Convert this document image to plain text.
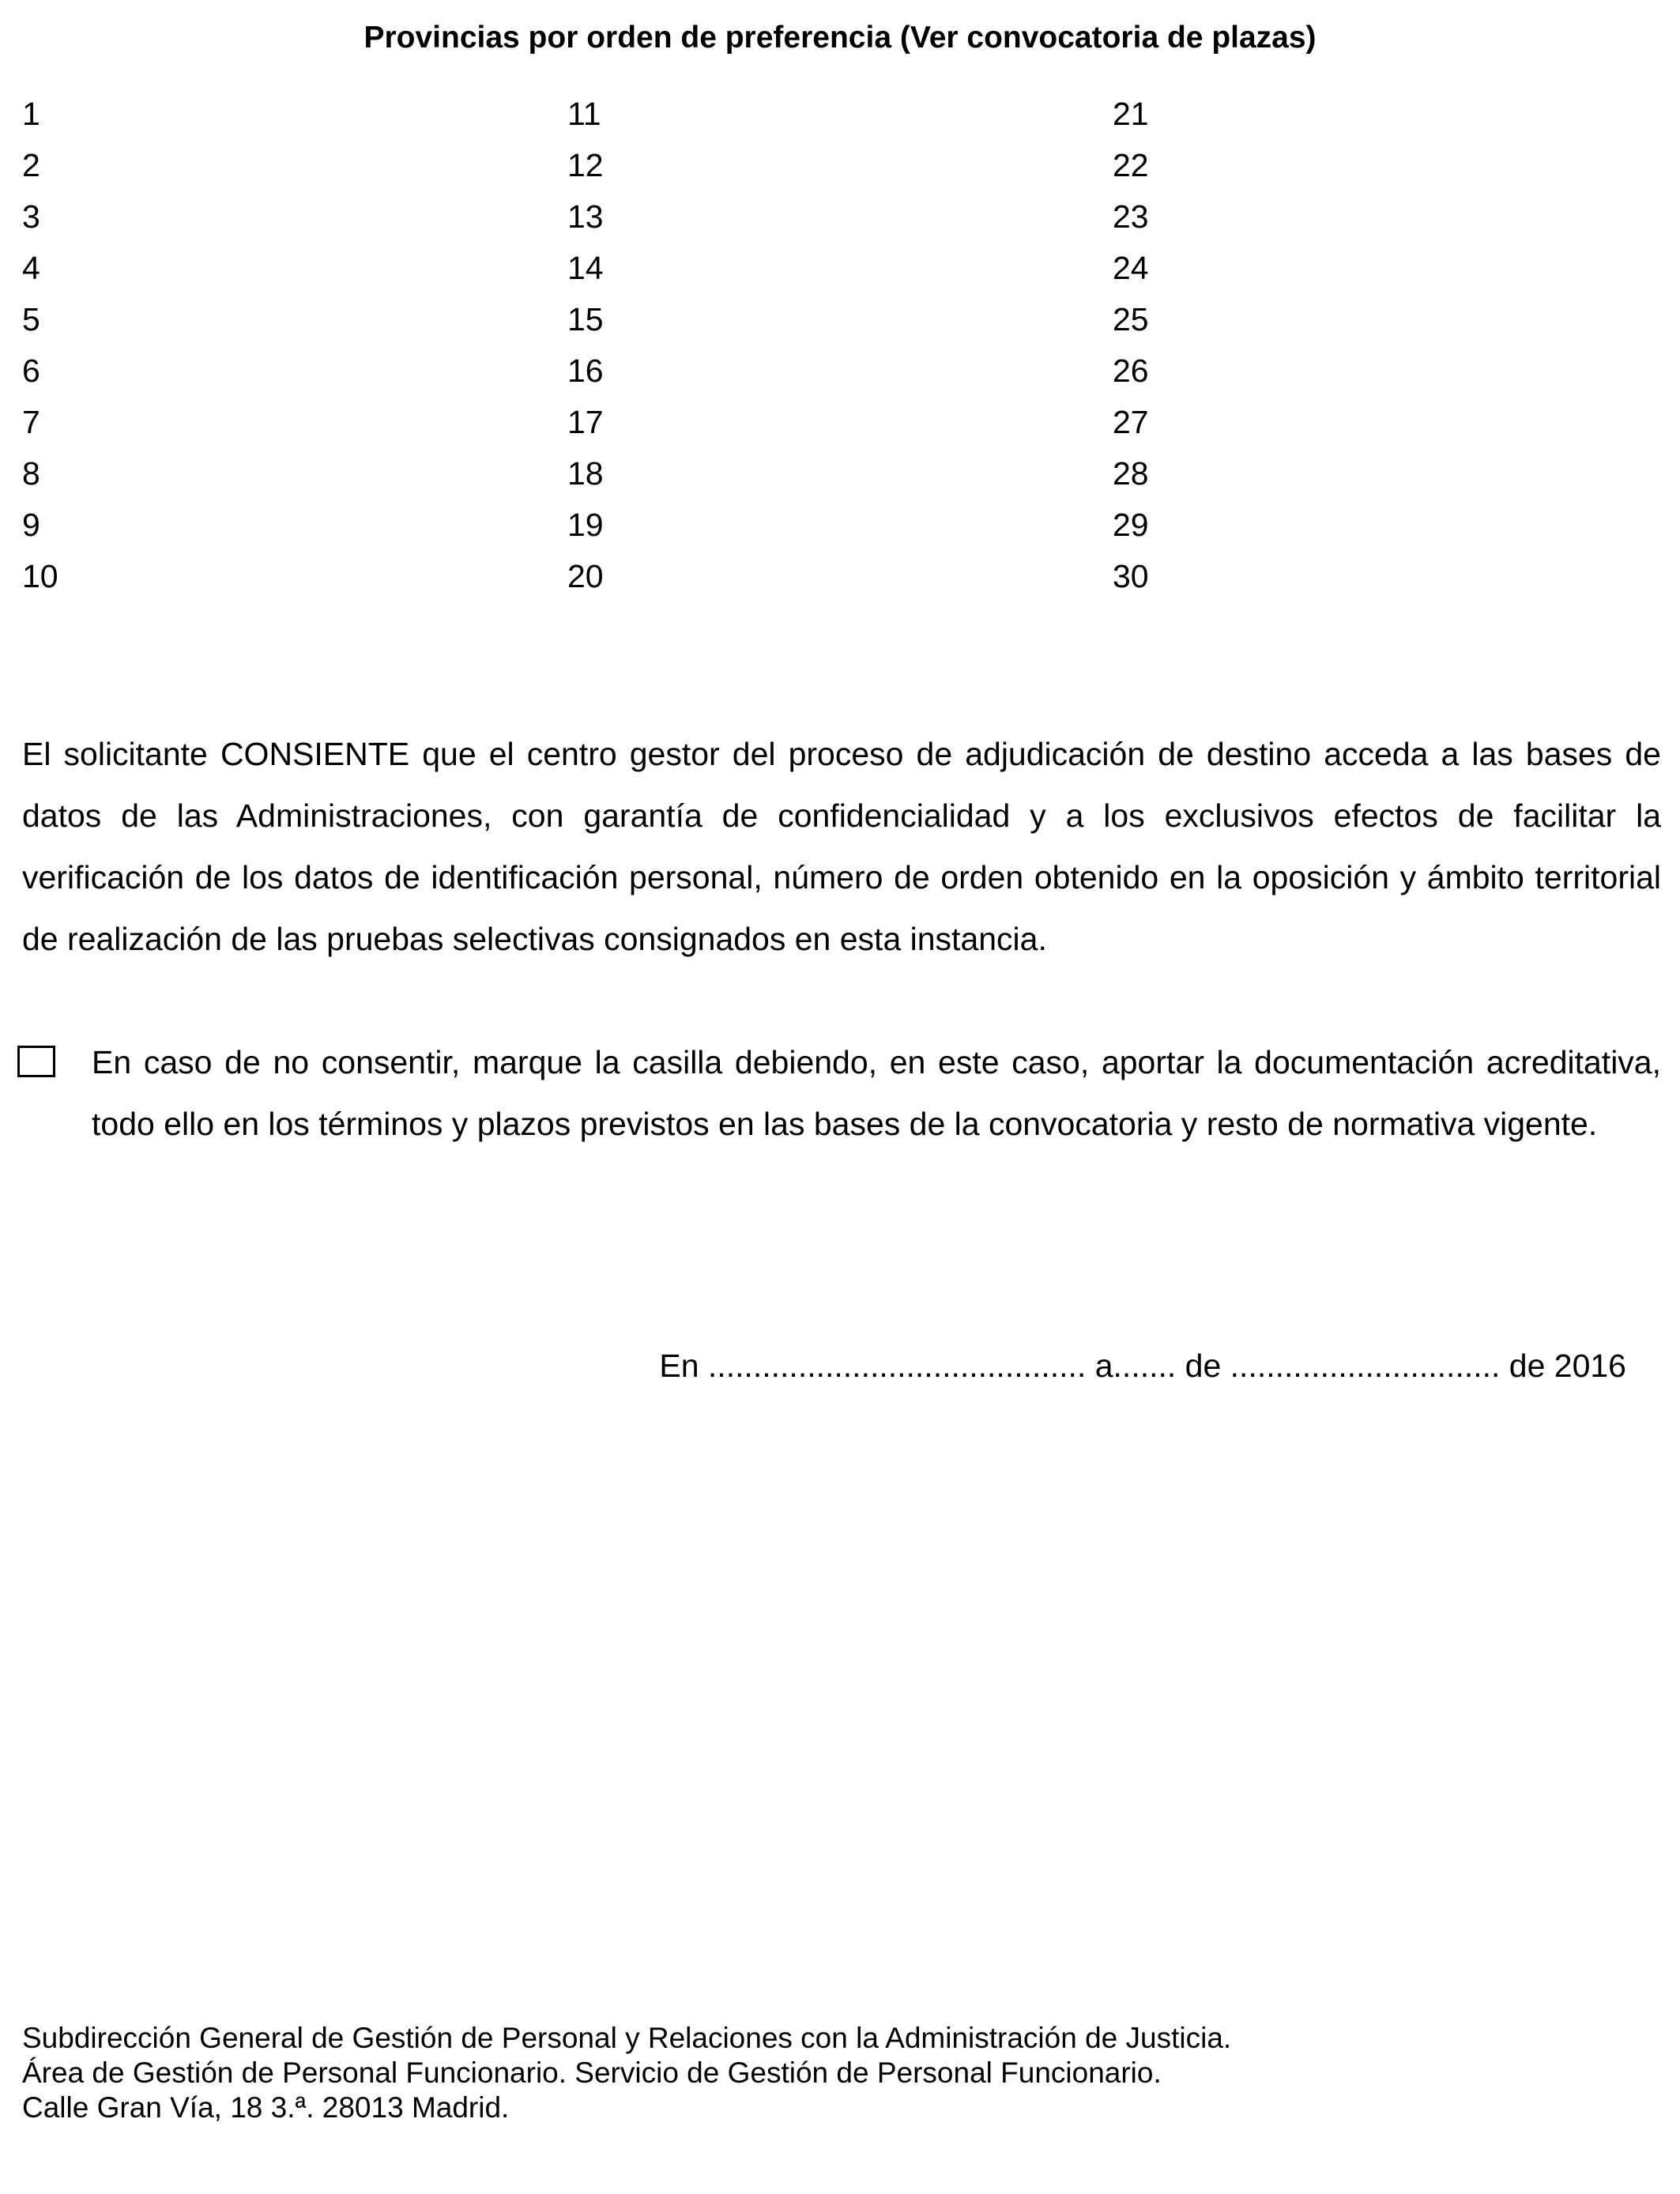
Provincias por orden de preferencia (Ver convocatoria de plazas)
1
2
3
4
5
6
7
8
9
10
11
12
13
14
15
16
17
18
19
20
21
22
23
24
25
26
27
28
29
30
El solicitante CONSIENTE que el centro gestor del proceso de adjudicación de destino acceda a las bases de datos de las Administraciones, con garantía de confidencialidad y a los exclusivos efectos de facilitar la verificación de los datos de identificación personal, número de orden obtenido en la oposición y ámbito territorial de realización de las pruebas selectivas consignados en esta instancia.
En caso de no consentir, marque la casilla debiendo, en este caso, aportar la documentación acreditativa, todo ello en los términos y plazos previstos en las bases de la convocatoria y resto de normativa vigente.
En .......................................... a....... de .............................. de 2016
Subdirección General de Gestión de Personal y Relaciones con la Administración de Justicia.
Área de Gestión de Personal Funcionario. Servicio de Gestión de Personal Funcionario.
Calle Gran Vía, 18 3.ª. 28013 Madrid.
